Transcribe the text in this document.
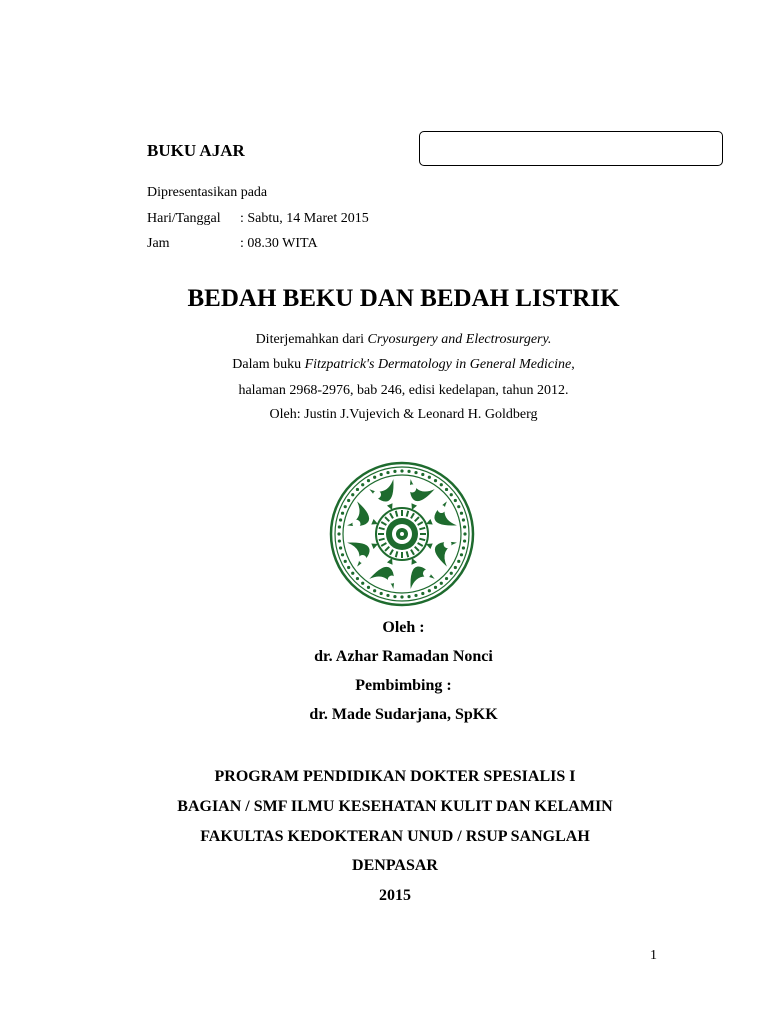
BUKU AJAR
Dipresentasikan pada
Hari/Tanggal : Sabtu, 14 Maret 2015
Jam	: 08.30 WITA
BEDAH BEKU DAN BEDAH LISTRIK
Diterjemahkan dari Cryosurgery and Electrosurgery.
Dalam buku Fitzpatrick's Dermatology in General Medicine,
halaman 2968-2976, bab 246, edisi kedelapan, tahun 2012.
Oleh: Justin J.Vujevich & Leonard H. Goldberg
Oleh :
dr. Azhar Ramadan Nonci
Pembimbing :
dr. Made Sudarjana, SpKK
PROGRAM PENDIDIKAN DOKTER SPESIALIS I
BAGIAN / SMF ILMU KESEHATAN KULIT DAN KELAMIN
FAKULTAS KEDOKTERAN UNUD / RSUP SANGLAH
DENPASAR
2015
1
